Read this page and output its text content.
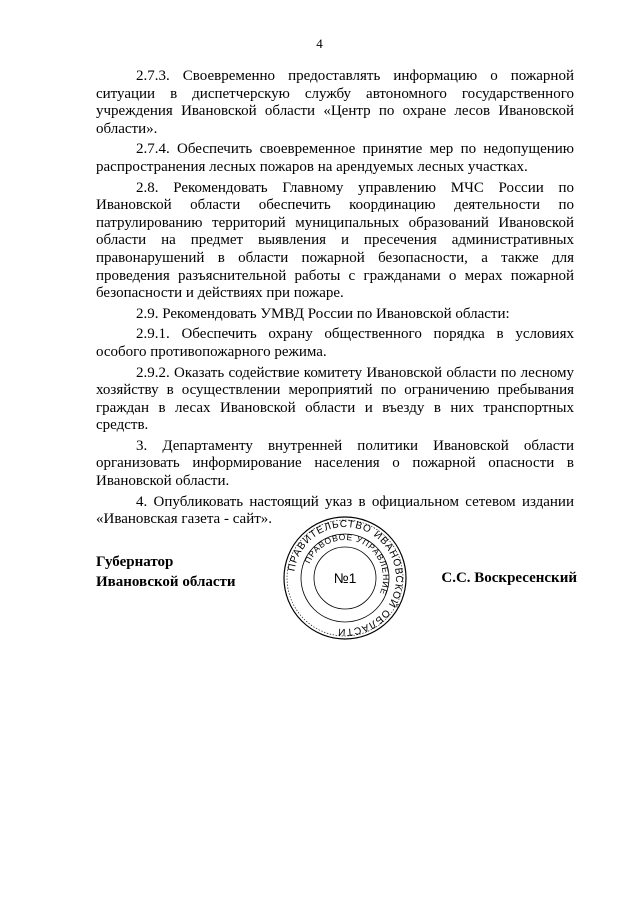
4

2.7.3. Своевременно предоставлять информацию о пожарной ситуации в диспетчерскую службу автономного государственного учреждения Ивановской области «Центр по охране лесов Ивановской области».

2.7.4. Обеспечить своевременное принятие мер по недопущению распространения лесных пожаров на арендуемых лесных участках.

2.8. Рекомендовать Главному управлению МЧС России по Ивановской области обеспечить координацию деятельности по патрулированию территорий муниципальных образований Ивановской области на предмет выявления и пресечения административных правонарушений в области пожарной безопасности, а также для проведения разъяснительной работы с гражданами о мерах пожарной безопасности и действиях при пожаре.

2.9. Рекомендовать УМВД России по Ивановской области:

2.9.1. Обеспечить охрану общественного порядка в условиях особого противопожарного режима.

2.9.2. Оказать содействие комитету Ивановской области по лесному хозяйству в осуществлении мероприятий по ограничению пребывания граждан в лесах Ивановской области и въезду в них транспортных средств.

3. Департаменту внутренней политики Ивановской области организовать информирование населения о пожарной опасности в Ивановской области.

4. Опубликовать настоящий указ в официальном сетевом издании «Ивановская газета - сайт».

Губернатор
Ивановской области
ПРАВИТЕЛЬСТВО ИВАНОВСКОЙ ОБЛАСТИ
ПРАВОВОЕ УПРАВЛЕНИЕ
№1	С.С. Воскресенский
